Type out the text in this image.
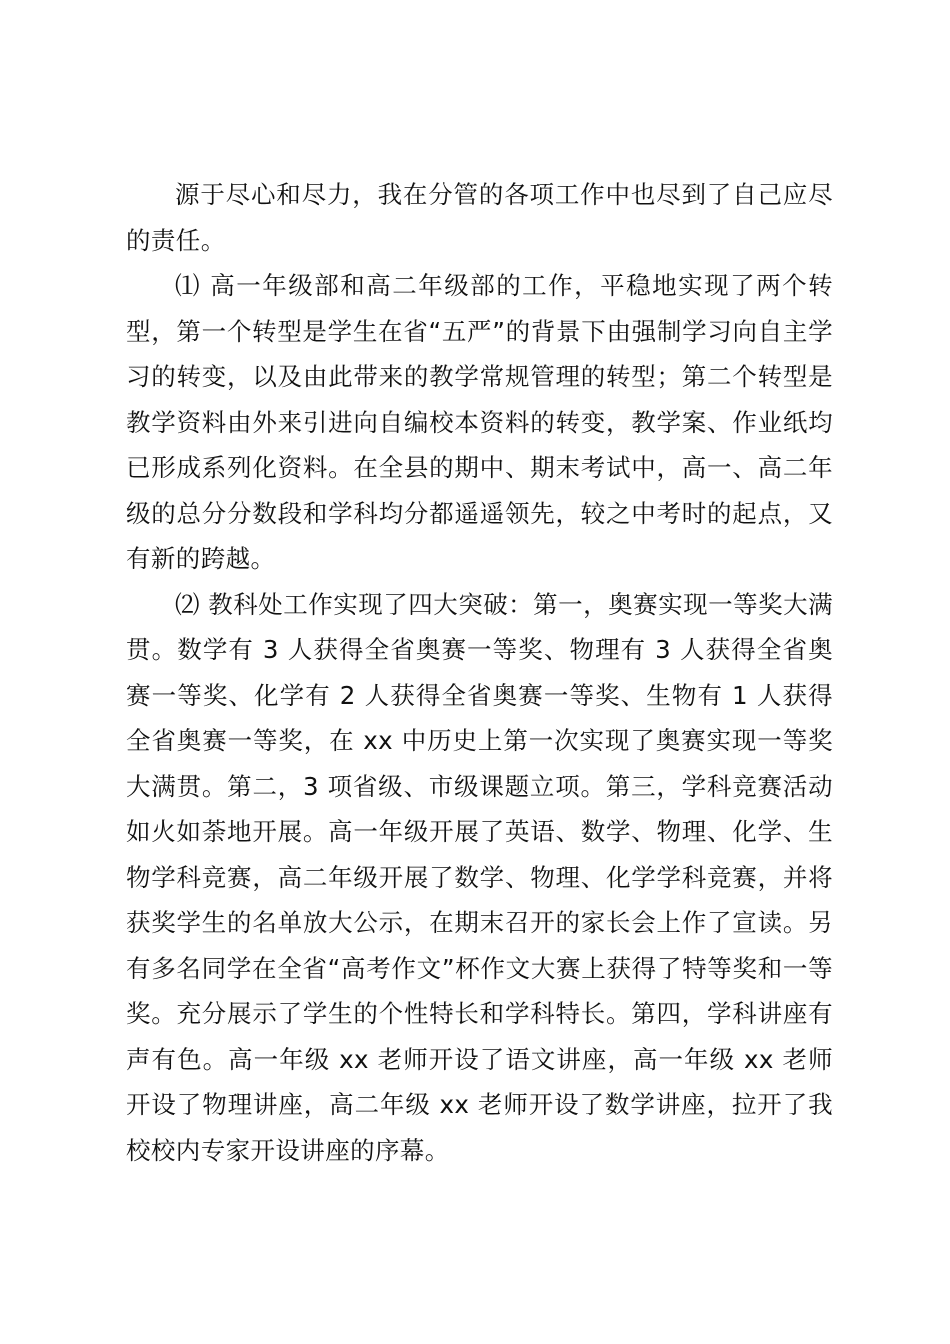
源于尽心和尽力，我在分管的各项工作中也尽到了自己应尽的责任。

⑴ 高一年级部和高二年级部的工作，平稳地实现了两个转型，第一个转型是学生在省“五严”的背景下由强制学习向自主学习的转变，以及由此带来的教学常规管理的转型；第二个转型是教学资料由外来引进向自编校本资料的转变，教学案、作业纸均已形成系列化资料。在全县的期中、期末考试中，高一、高二年级的总分分数段和学科均分都遥遥领先，较之中考时的起点，又有新的跨越。

⑵ 教科处工作实现了四大突破：第一，奥赛实现一等奖大满贯。数学有 3 人获得全省奥赛一等奖、物理有 3 人获得全省奥赛一等奖、化学有 2 人获得全省奥赛一等奖、生物有 1 人获得全省奥赛一等奖，在 xx 中历史上第一次实现了奥赛实现一等奖大满贯。第二，3 项省级、市级课题立项。第三，学科竞赛活动如火如荼地开展。高一年级开展了英语、数学、物理、化学、生物学科竞赛，高二年级开展了数学、物理、化学学科竞赛，并将获奖学生的名单放大公示，在期末召开的家长会上作了宣读。另有多名同学在全省“高考作文”杯作文大赛上获得了特等奖和一等奖。充分展示了学生的个性特长和学科特长。第四，学科讲座有声有色。高一年级 xx 老师开设了语文讲座，高一年级 xx 老师开设了物理讲座，高二年级 xx 老师开设了数学讲座，拉开了我校校内专家开设讲座的序幕。
